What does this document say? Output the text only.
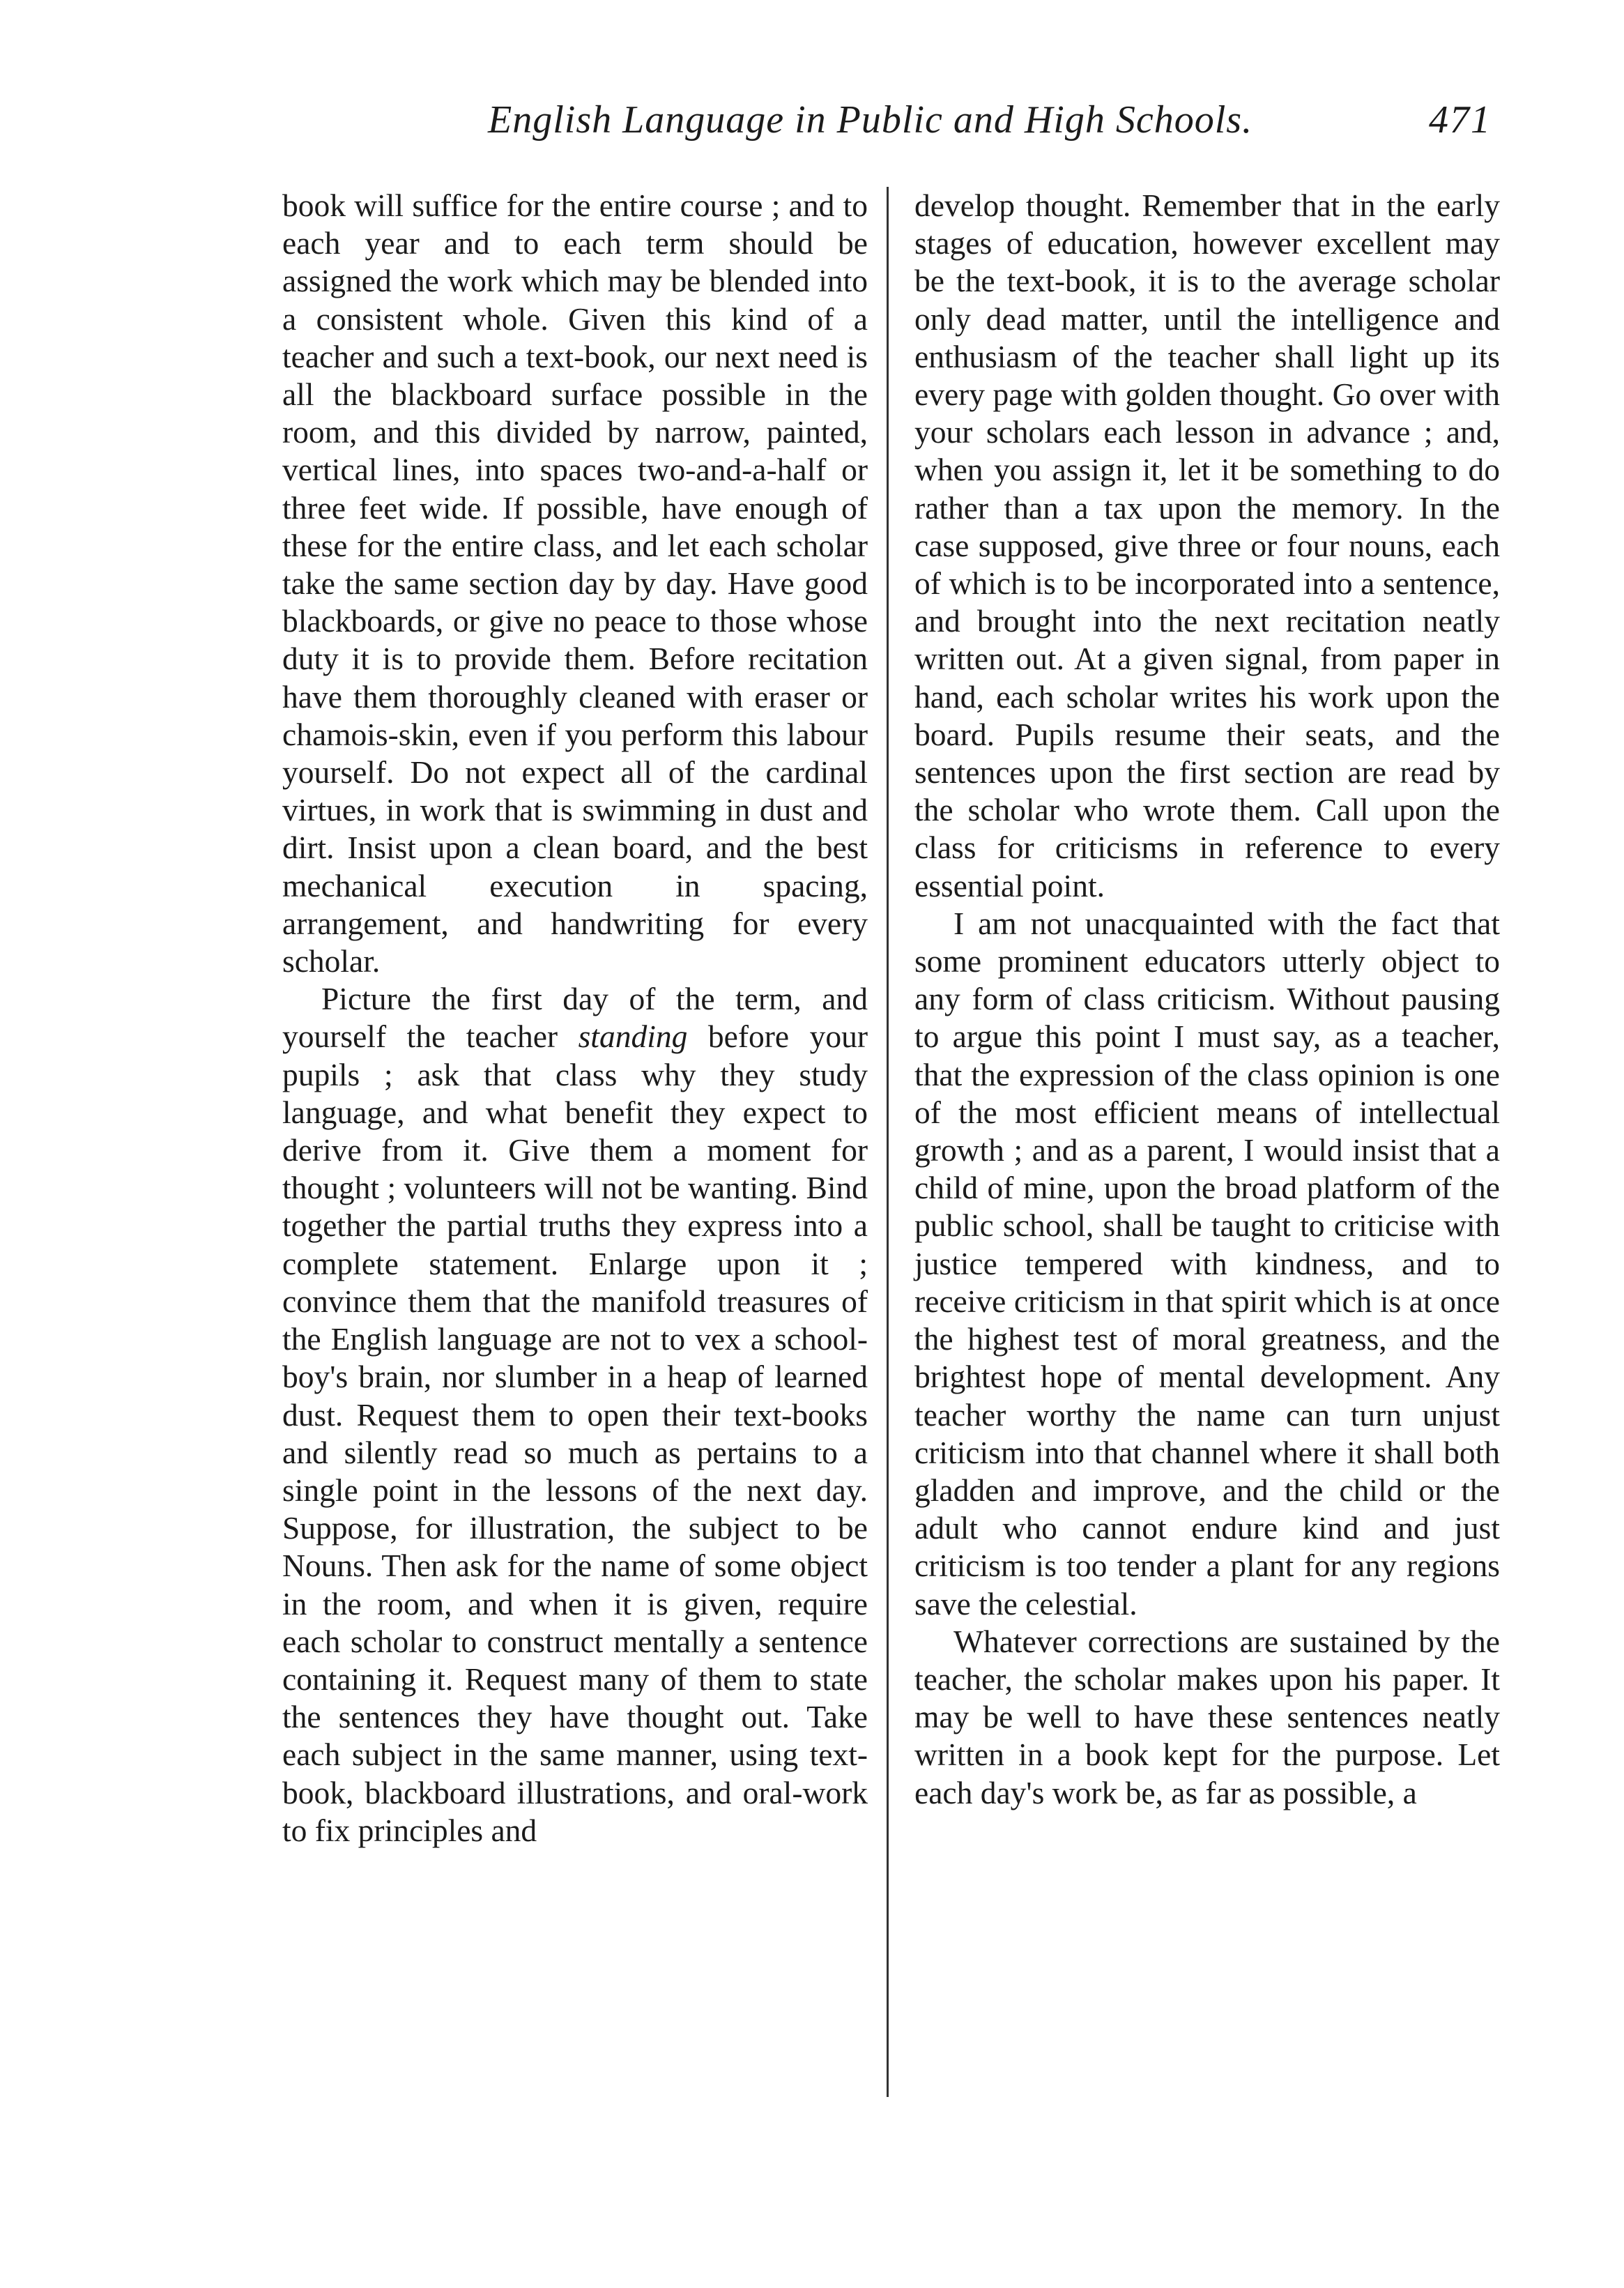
English Language in Public and High Schools.	471

book will suffice for the entire course ; and to each year and to each term should be assigned the work which may be blended into a consistent whole. Given this kind of a teacher and such a text-book, our next need is all the blackboard surface possible in the room, and this divided by narrow, painted, vertical lines, into spaces two-and-a-half or three feet wide. If possible, have enough of these for the entire class, and let each scholar take the same section day by day. Have good blackboards, or give no peace to those whose duty it is to provide them. Before recitation have them thoroughly cleaned with eraser or chamois-skin, even if you perform this labour yourself. Do not expect all of the cardinal virtues, in work that is swimming in dust and dirt. Insist upon a clean board, and the best mechanical execution in spacing, arrangement, and handwriting for every scholar.

Picture the first day of the term, and yourself the teacher standing before your pupils ; ask that class why they study language, and what benefit they expect to derive from it. Give them a moment for thought ; volunteers will not be wanting. Bind together the partial truths they express into a complete statement. Enlarge upon it ; convince them that the manifold treasures of the English language are not to vex a school-boy's brain, nor slumber in a heap of learned dust. Request them to open their text-books and silently read so much as pertains to a single point in the lessons of the next day. Suppose, for illustration, the subject to be Nouns. Then ask for the name of some object in the room, and when it is given, require each scholar to construct mentally a sentence containing it. Request many of them to state the sentences they have thought out. Take each subject in the same manner, using text-book, blackboard illustrations, and oral-work to fix principles and

develop thought. Remember that in the early stages of education, however excellent may be the text-book, it is to the average scholar only dead matter, until the intelligence and enthusiasm of the teacher shall light up its every page with golden thought. Go over with your scholars each lesson in advance ; and, when you assign it, let it be something to do rather than a tax upon the memory. In the case supposed, give three or four nouns, each of which is to be incorporated into a sentence, and brought into the next recitation neatly written out. At a given signal, from paper in hand, each scholar writes his work upon the board. Pupils resume their seats, and the sentences upon the first section are read by the scholar who wrote them. Call upon the class for criticisms in reference to every essential point.

I am not unacquainted with the fact that some prominent educators utterly object to any form of class criticism. Without pausing to argue this point I must say, as a teacher, that the expression of the class opinion is one of the most efficient means of intellectual growth ; and as a parent, I would insist that a child of mine, upon the broad platform of the public school, shall be taught to criticise with justice tempered with kindness, and to receive criticism in that spirit which is at once the highest test of moral greatness, and the brightest hope of mental development. Any teacher worthy the name can turn unjust criticism into that channel where it shall both gladden and improve, and the child or the adult who cannot endure kind and just criticism is too tender a plant for any regions save the celestial.

Whatever corrections are sustained by the teacher, the scholar makes upon his paper. It may be well to have these sentences neatly written in a book kept for the purpose. Let each day's work be, as far as possible, a
